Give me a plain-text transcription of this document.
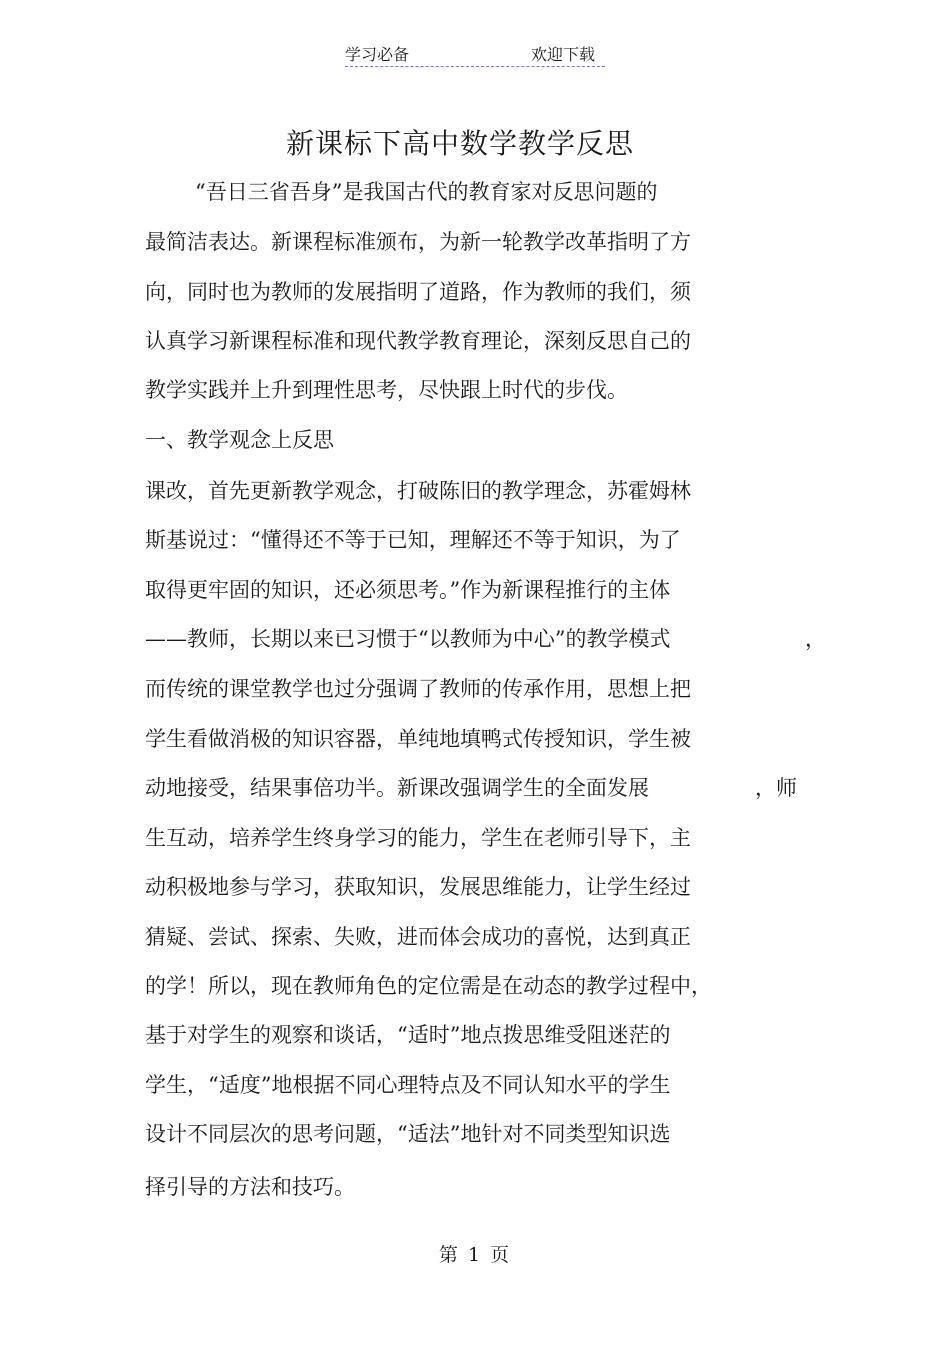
学习必备	欢迎下载
新课标下高中数学教学反思
“吾日三省吾身”是我国古代的教育家对反思问题的
最简洁表达。新课程标准颁布，为新一轮教学改革指明了方
向，同时也为教师的发展指明了道路，作为教师的我们，须
认真学习新课程标准和现代教学教育理论，深刻反思自己的
教学实践并上升到理性思考，尽快跟上时代的步伐。
一、教学观念上反思
课改，首先更新教学观念，打破陈旧的教学理念，苏霍姆林
斯基说过：“懂得还不等于已知，理解还不等于知识，为了
取得更牢固的知识，还必须思考。”作为新课程推行的主体
——教师，长期以来已习惯于“以教师为中心”的教学模式	，
而传统的课堂教学也过分强调了教师的传承作用，思想上把
学生看做消极的知识容器，单纯地填鸭式传授知识，学生被
动地接受，结果事倍功半。新课改强调学生的全面发展	，师
生互动，培养学生终身学习的能力，学生在老师引导下，主
动积极地参与学习，获取知识，发展思维能力，让学生经过
猜疑、尝试、探索、失败，进而体会成功的喜悦，达到真正
的学！所以，现在教师角色的定位需是在动态的教学过程中，
基于对学生的观察和谈话，“适时”地点拨思维受阻迷茫的
学生，“适度”地根据不同心理特点及不同认知水平的学生
设计不同层次的思考问题，“适法”地针对不同类型知识选
择引导的方法和技巧。
第 1 页
